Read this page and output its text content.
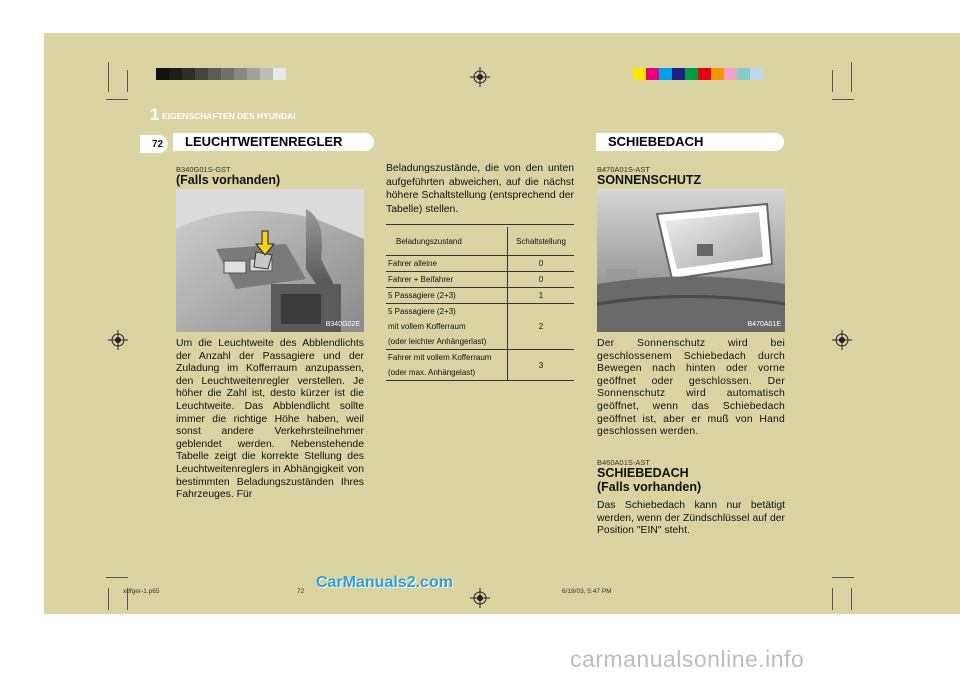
1 EIGENSCHAFTEN DES HYUNDAI
72	LEUCHTWEITENREGLER
B340G01S-GST
(Falls vorhanden)
B340G02E
Um die Leuchtweite des Abblendlichts der Anzahl der Passagiere und der Zuladung im Kofferraum anzupassen, den Leuchtweitenregler verstellen. Je höher die Zahl ist, desto kürzer ist die Leuchtweite. Das Abblendlicht sollte immer die richtige Höhe haben, weil sonst andere Verkehrsteilnehmer geblendet werden. Nebenstehende Tabelle zeigt die korrekte Stellung des Leuchtweitenreglers in Abhängigkeit von bestimmten Beladungszuständen Ihres Fahrzeuges. Für
Beladungszustände, die von den unten aufgeführten abweichen, auf die nächst höhere Schaltstellung (entsprechend der Tabelle) stellen.
Beladungszustand	Schaltstellung

Fahrer alleine	0

Fahrer + Beifahrer	0

5 Passagiere (2+3)	1

5 Passagiere (2+3)
mit vollem Kofferraum
(oder leichter Anhängerlast)	2

Fahrer mit vollem Kofferraum
(oder max. Anhängelast)	3
SCHIEBEDACH
B470A01S-AST
SONNENSCHUTZ
B470A01E
Der Sonnenschutz wird bei geschlossenem Schiebedach durch Bewegen nach hinten oder vorne geöffnet oder geschlossen. Der Sonnenschutz wird automatisch geöffnet, wenn das Schiebedach geöffnet ist, aber er muß von Hand geschlossen werden.
B460A01S-AST
SCHIEBEDACH
(Falls vorhanden)
Das Schiebedach kann nur betätigt werden, wenn der Zündschlüssel auf der Position "EIN" steht.
xdfger-1.p65	72	6/19/03, 5:47 PM
CarManuals2.com
carmanualsonline.info
